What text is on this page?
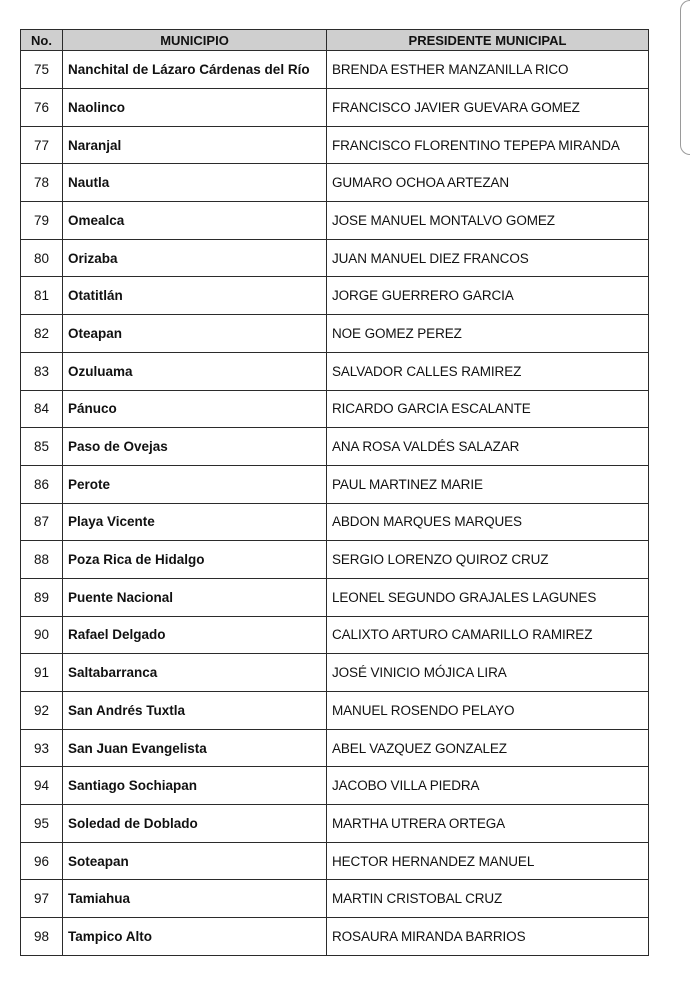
No.	MUNICIPIO	PRESIDENTE MUNICIPAL
75	Nanchital de Lázaro Cárdenas del Río	BRENDA ESTHER MANZANILLA RICO
76	Naolinco	FRANCISCO JAVIER GUEVARA GOMEZ
77	Naranjal	FRANCISCO FLORENTINO TEPEPA MIRANDA
78	Nautla	GUMARO OCHOA ARTEZAN
79	Omealca	JOSE MANUEL MONTALVO GOMEZ
80	Orizaba	JUAN MANUEL DIEZ FRANCOS
81	Otatitlán	JORGE GUERRERO GARCIA
82	Oteapan	NOE GOMEZ PEREZ
83	Ozuluama	SALVADOR CALLES RAMIREZ
84	Pánuco	RICARDO GARCIA ESCALANTE
85	Paso de Ovejas	ANA ROSA VALDÉS SALAZAR
86	Perote	PAUL MARTINEZ MARIE
87	Playa Vicente	ABDON MARQUES MARQUES
88	Poza Rica de Hidalgo	SERGIO LORENZO QUIROZ CRUZ
89	Puente Nacional	LEONEL SEGUNDO GRAJALES LAGUNES
90	Rafael Delgado	CALIXTO ARTURO CAMARILLO RAMIREZ
91	Saltabarranca	JOSÉ VINICIO MÓJICA LIRA
92	San Andrés Tuxtla	MANUEL ROSENDO PELAYO
93	San Juan Evangelista	ABEL VAZQUEZ GONZALEZ
94	Santiago Sochiapan	JACOBO VILLA PIEDRA
95	Soledad de Doblado	MARTHA UTRERA ORTEGA
96	Soteapan	HECTOR HERNANDEZ MANUEL
97	Tamiahua	MARTIN CRISTOBAL CRUZ
98	Tampico Alto	ROSAURA MIRANDA BARRIOS
